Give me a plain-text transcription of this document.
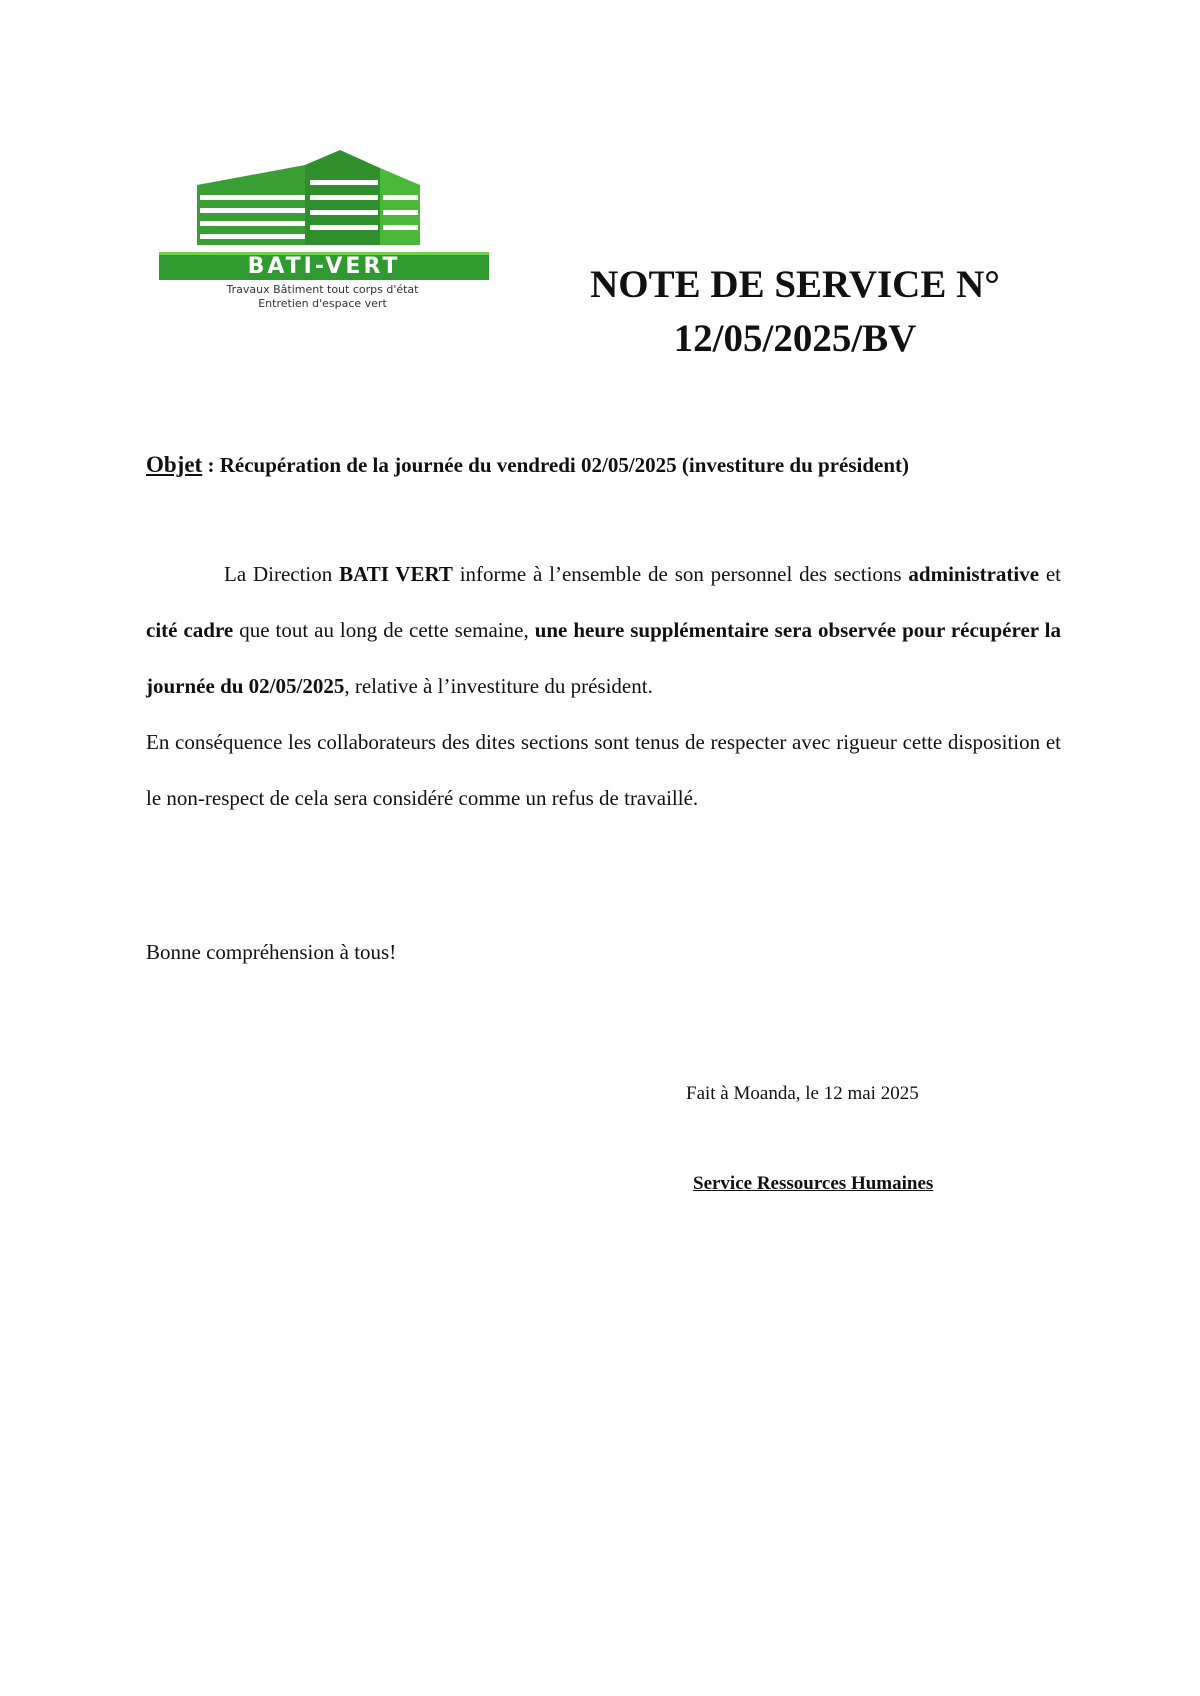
BATI-VERT
Travaux Bâtiment tout corps d'état
Entretien d'espace vert	NOTE DE SERVICE N°
12/05/2025/BV
Objet : Récupération de la journée du vendredi 02/05/2025 (investiture du président)

La Direction BATI VERT informe à l’ensemble de son personnel des sections administrative et cité cadre que tout au long de cette semaine, une heure supplémentaire sera observée pour récupérer la journée du 02/05/2025, relative à l’investiture du président.

En conséquence les collaborateurs des dites sections sont tenus de respecter avec rigueur cette disposition et le non-respect de cela sera considéré comme un refus de travaillé.

Bonne compréhension à tous!
Fait à Moanda, le 12 mai 2025
Service Ressources Humaines
